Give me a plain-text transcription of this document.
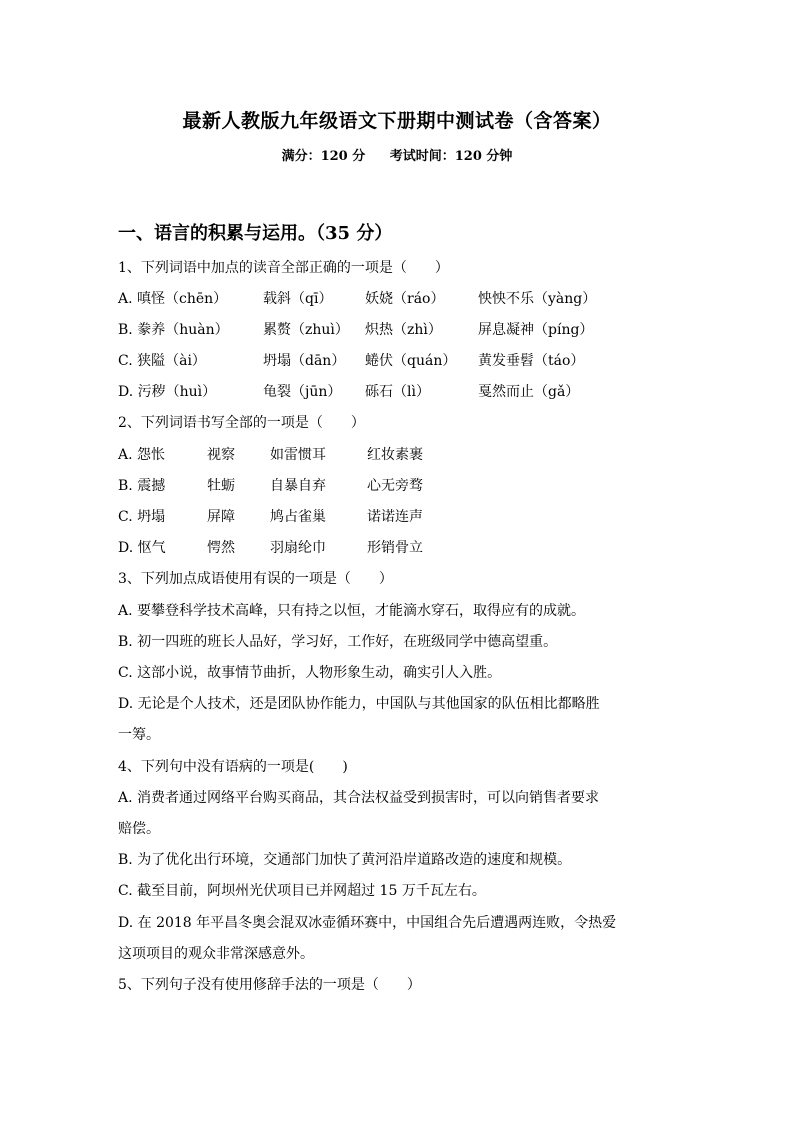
最新人教版九年级语文下册期中测试卷（含答案）
满分：120 分 考试时间：120 分钟
一、语言的积累与运用。（35 分）
1、下列词语中加点的读音全部正确的一项是（　　）
A. 嗔怪（chēn）	载斜（qī） 妖娆（ráo） 怏怏不乐（yàng）
B. 豢养（huàn） 累赘（zhuì） 炽热（zhì）	屏息凝神（píng）
C. 狭隘（ài）	坍塌（dān） 蜷伏（quán） 黄发垂髫（táo）
D. 污秽（huì）	龟裂（jūn） 砾石（lì）	戛然而止（gǎ）
2、下列词语书写全部的一项是（　　）
A. 怨怅	视察	如雷惯耳	红妆素裹
B. 震撼	牡蛎	自暴自弃	心无旁骛
C. 坍塌	屏障	鸠占雀巢	诺诺连声
D. 怄气	愕然	羽扇纶巾	形销骨立
3、下列加点成语使用有误的一项是（　　）
A. 要攀登科学技术高峰，只有持之以恒，才能滴水穿石，取得应有的成就。
B. 初一四班的班长人品好，学习好，工作好，在班级同学中德高望重。
C. 这部小说，故事情节曲折，人物形象生动，确实引人入胜。
D. 无论是个人技术，还是团队协作能力，中国队与其他国家的队伍相比都略胜
一筹。
4、下列句中没有语病的一项是(　　)
A. 消费者通过网络平台购买商品，其合法权益受到损害时，可以向销售者要求
赔偿。
B. 为了优化出行环境，交通部门加快了黄河沿岸道路改造的速度和规模。
C. 截至目前，阿坝州光伏项目已并网超过 15 万千瓦左右。
D. 在 2018 年平昌冬奥会混双冰壶循环赛中，中国组合先后遭遇两连败，令热爱
这项项目的观众非常深感意外。
5、下列句子没有使用修辞手法的一项是（　　）
